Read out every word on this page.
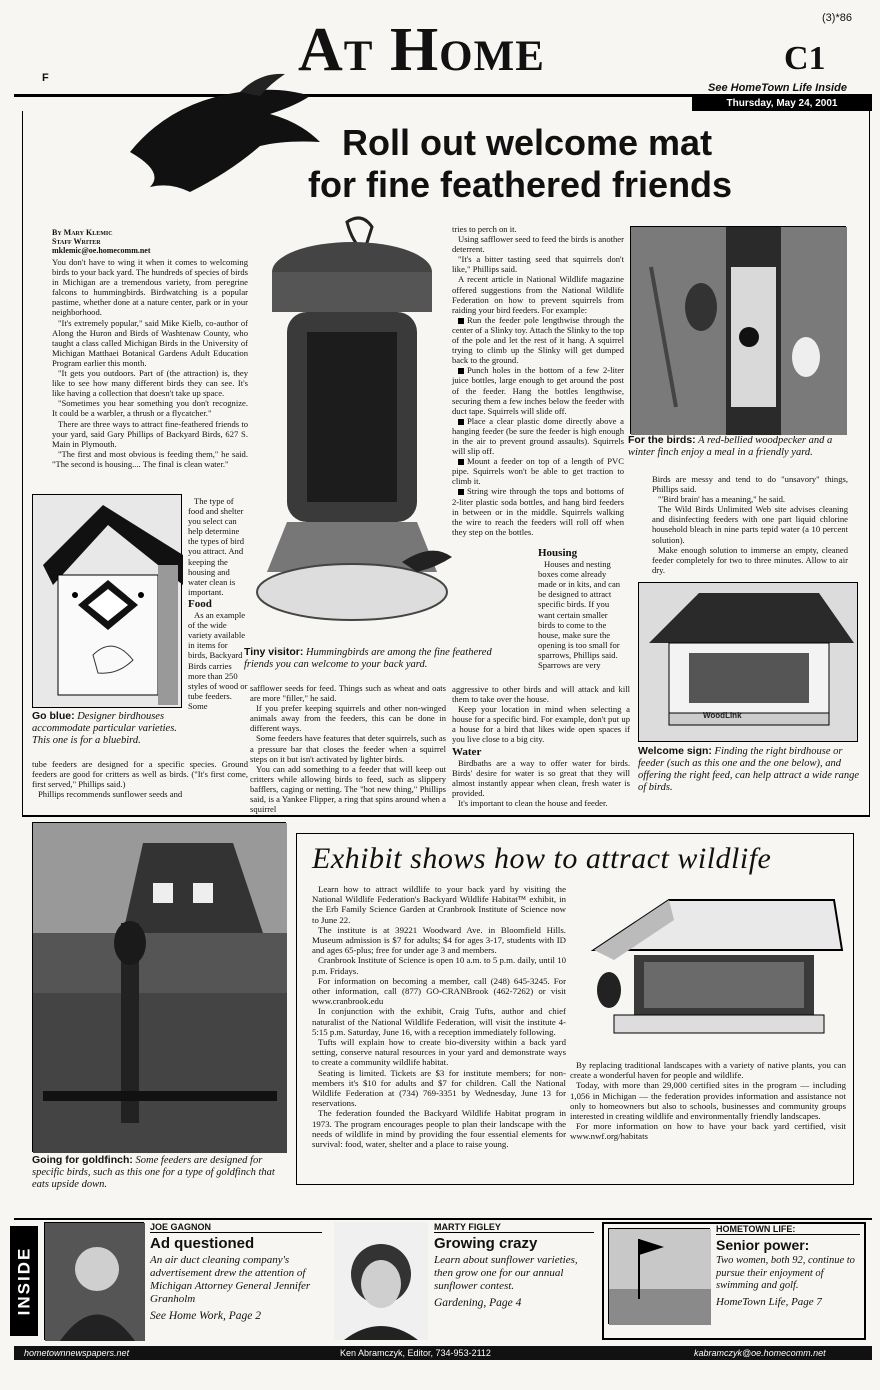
F	At Home	C1
(3)*86
See HomeTown Life Inside
Thursday, May 24, 2001
Roll out welcome mat
for fine feathered friends
By Mary Klemic
Staff Writer
mklemic@oe.homecomm.net

You don't have to wing it when it comes to welcoming birds to your back yard. The hundreds of species of birds in Michigan are a tremendous variety, from peregrine falcons to hummingbirds. Birdwatching is a popular pastime, whether done at a nature center, park or in your neighborhood.

"It's extremely popular," said Mike Kielb, co-author of Along the Huron and Birds of Washtenaw County, who taught a class called Michigan Birds in the University of Michigan Matthaei Botanical Gardens Adult Education Program earlier this month.

"It gets you outdoors. Part of (the attraction) is, they like to see how many different birds they can see. It's like having a collection that doesn't take up space.

"Sometimes you hear something you don't recognize. It could be a warbler, a thrush or a flycatcher."

There are three ways to attract fine-feathered friends to your yard, said Gary Phillips of Backyard Birds, 627 S. Main in Plymouth.

"The first and most obvious is feeding them," he said. "The second is housing.... The final is clean water."

The type of food and shelter you select can help determine the types of bird you attract. And keeping the housing and water clean is important.

Food

As an example of the wide variety available in items for birds, Backyard Birds carries more than 250 styles of wood or tube feeders. Some

Go blue: Designer birdhouses accommodate particular varieties. This one is for a bluebird.

tube feeders are designed for a specific species. Ground feeders are good for critters as well as birds. ("It's first come, first served," Phillips said.)

Phillips recommends sunflower seeds and

Tiny visitor: Hummingbirds are among the fine feathered friends you can welcome to your back yard.

safflower seeds for feed. Things such as wheat and oats are more "filler," he said.

If you prefer keeping squirrels and other non-winged animals away from the feeders, this can be done in different ways.

Some feeders have features that deter squirrels, such as a pressure bar that closes the feeder when a squirrel steps on it but isn't activated by lighter birds.

You can add something to a feeder that will keep out critters while allowing birds to feed, such as slippery bafflers, caging or netting. The "hot new thing," Phillips said, is a Yankee Flipper, a ring that spins around when a squirrel

tries to perch on it.

Using safflower seed to feed the birds is another deterrent.

"It's a bitter tasting seed that squirrels don't like," Phillips said.

A recent article in National Wildlife magazine offered suggestions from the National Wildlife Federation on how to prevent squirrels from raiding your bird feeders. For example:

Run the feeder pole lengthwise through the center of a Slinky toy. Attach the Slinky to the top of the pole and let the rest of it hang. A squirrel trying to climb up the Slinky will get dumped back to the ground.

Punch holes in the bottom of a few 2-liter juice bottles, large enough to get around the post of the feeder. Hang the bottles lengthwise, securing them a few inches below the feeder with duct tape. Squirrels will slide off.

Place a clear plastic dome directly above a hanging feeder (be sure the feeder is high enough in the air to prevent ground assaults). Squirrels will slip off.

Mount a feeder on top of a length of PVC pipe. Squirrels won't be able to get traction to climb it.

String wire through the tops and bottoms of 2-liter plastic soda bottles, and hang bird feeders in between or in the middle. Squirrels walking the wire to reach the feeders will roll off when they step on the bottles.

Housing

Houses and nesting boxes come already made or in kits, and can be designed to attract specific birds. If you want certain smaller birds to come to the house, make sure the opening is too small for sparrows, Phillips said. Sparrows are very

aggressive to other birds and will attack and kill them to take over the house.

Keep your location in mind when selecting a house for a specific bird. For example, don't put up a house for a bird that likes wide open spaces if you live close to a big city.

Water

Birdbaths are a way to offer water for birds. Birds' desire for water is so great that they will almost instantly appear when clean, fresh water is provided.

It's important to clean the house and feeder.

For the birds: A red-bellied woodpecker and a winter finch enjoy a meal in a friendly yard.

Birds are messy and tend to do "unsavory" things, Phillips said.

"'Bird brain' has a meaning," he said.

The Wild Birds Unlimited Web site advises cleaning and disinfecting feeders with one part liquid chlorine household bleach in nine parts tepid water (a 10 percent solution).

Make enough solution to immerse an empty, cleaned feeder completely for two to three minutes. Allow to air dry.

WoodLink
Welcome sign: Finding the right birdhouse or feeder (such as this one and the one below), and offering the right feed, can help attract a wide range of birds.
Going for goldfinch: Some feeders are designed for specific birds, such as this one for a type of goldfinch that eats upside down.
Exhibit shows how to attract wildlife

Learn how to attract wildlife to your back yard by visiting the National Wildlife Federation's Backyard Wildlife Habitat™ exhibit, in the Erb Family Science Garden at Cranbrook Institute of Science now to June 22.

The institute is at 39221 Woodward Ave. in Bloomfield Hills. Museum admission is $7 for adults; $4 for ages 3-17, students with ID and ages 65-plus; free for under age 3 and members.

Cranbrook Institute of Science is open 10 a.m. to 5 p.m. daily, until 10 p.m. Fridays.

For information on becoming a member, call (248) 645-3245. For other information, call (877) GO-CRANBrook (462-7262) or visit www.cranbrook.edu

In conjunction with the exhibit, Craig Tufts, author and chief naturalist of the National Wildlife Federation, will visit the institute 4-5:15 p.m. Saturday, June 16, with a reception immediately following.

Tufts will explain how to create bio-diversity within a back yard setting, conserve natural resources in your yard and demonstrate ways to create a community wildlife habitat.

Seating is limited. Tickets are $3 for institute members; for non-members it's $10 for adults and $7 for children. Call the National Wildlife Federation at (734) 769-3351 by Wednesday, June 13 for reservations.

The federation founded the Backyard Wildlife Habitat program in 1973. The program encourages people to plan their landscape with the needs of wildlife in mind by providing the four essential elements for survival: food, water, shelter and a place to raise young.

By replacing traditional landscapes with a variety of native plants, you can create a wonderful haven for people and wildlife.

Today, with more than 29,000 certified sites in the program — including 1,056 in Michigan — the federation provides information and assistance not only to homeowners but also to schools, businesses and community groups interested in creating wildlife and environmentally friendly landscapes.

For more information on how to have your back yard certified, visit www.nwf.org/habitats

INSIDE
JOE GAGNON
Ad questioned
An air duct cleaning company's advertisement drew the attention of Michigan Attorney General Jennifer Granholm
See Home Work, Page 2
MARTY FIGLEY
Growing crazy
Learn about sunflower varieties, then grow one for our annual sunflower contest.
Gardening, Page 4
HOMETOWN LIFE:
Senior power:
Two women, both 92, continue to pursue their enjoyment of swimming and golf.
HomeTown Life, Page 7
hometownnewspapers.net	Ken Abramczyk, Editor, 734-953-2112	kabramczyk@oe.homecomm.net
